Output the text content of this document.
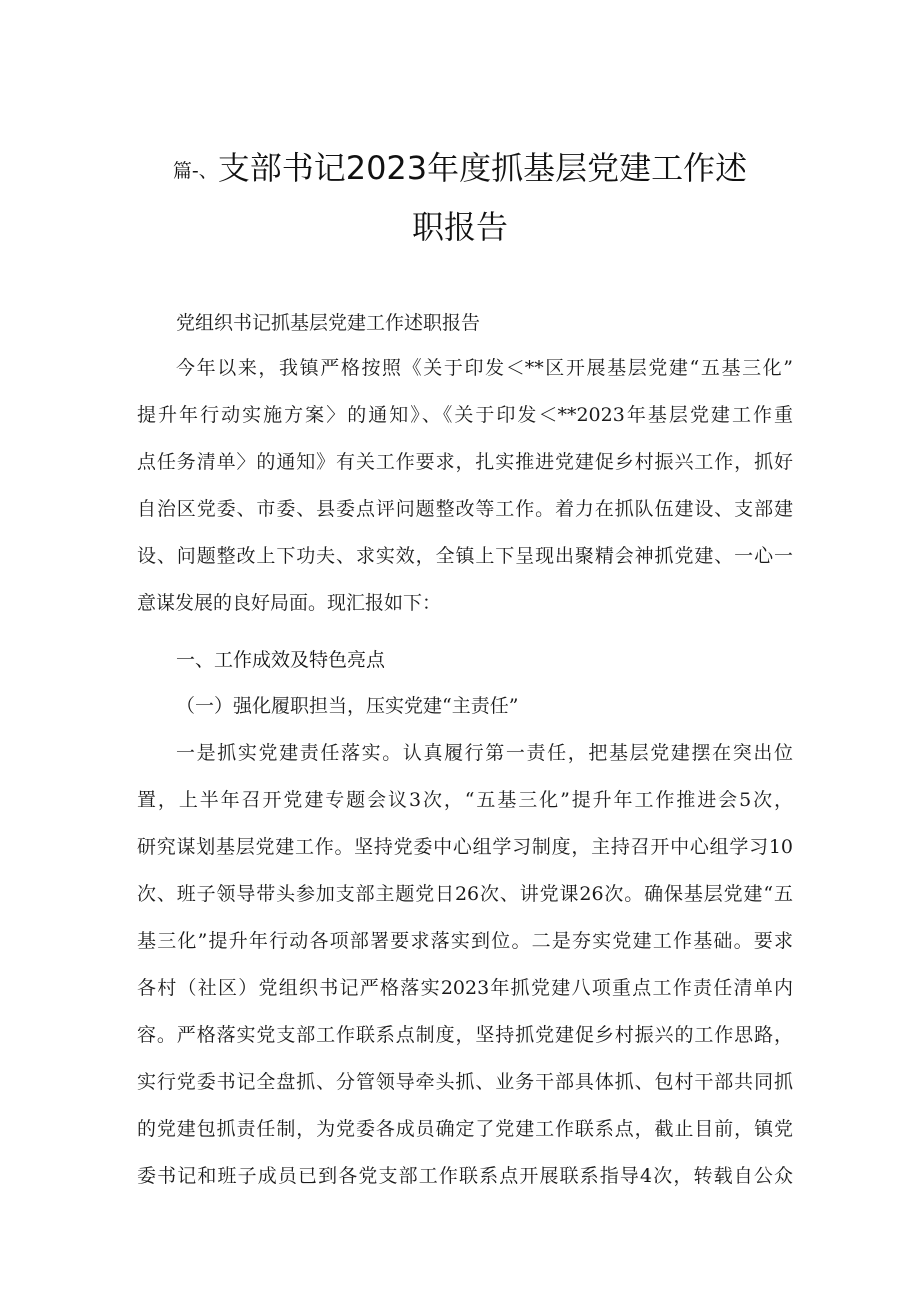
篇-、支部书记2023年度抓基层党建工作述
职报告
党组织书记抓基层党建工作述职报告
今年以来，我镇严格按照《关于印发＜**区开展基层党建“五基三化”
提升年行动实施方案〉的通知》、《关于印发＜**2023年基层党建工作重
点任务清单〉的通知》有关工作要求，扎实推进党建促乡村振兴工作，抓好
自治区党委、市委、县委点评问题整改等工作。着力在抓队伍建设、支部建
设、问题整改上下功夫、求实效，全镇上下呈现出聚精会神抓党建、一心一
意谋发展的良好局面。现汇报如下：
一、工作成效及特色亮点
（一）强化履职担当，压实党建“主责任”
一是抓实党建责任落实。认真履行第一责任，把基层党建摆在突出位
置，上半年召开党建专题会议3次，“五基三化”提升年工作推进会5次，
研究谋划基层党建工作。坚持党委中心组学习制度，主持召开中心组学习10
次、班子领导带头参加支部主题党日26次、讲党课26次。确保基层党建“五
基三化”提升年行动各项部署要求落实到位。二是夯实党建工作基础。要求
各村（社区）党组织书记严格落实2023年抓党建八项重点工作责任清单内
容。严格落实党支部工作联系点制度，坚持抓党建促乡村振兴的工作思路，
实行党委书记全盘抓、分管领导牵头抓、业务干部具体抓、包村干部共同抓
的党建包抓责任制，为党委各成员确定了党建工作联系点，截止目前，镇党
委书记和班子成员已到各党支部工作联系点开展联系指导4次，转载自公众
